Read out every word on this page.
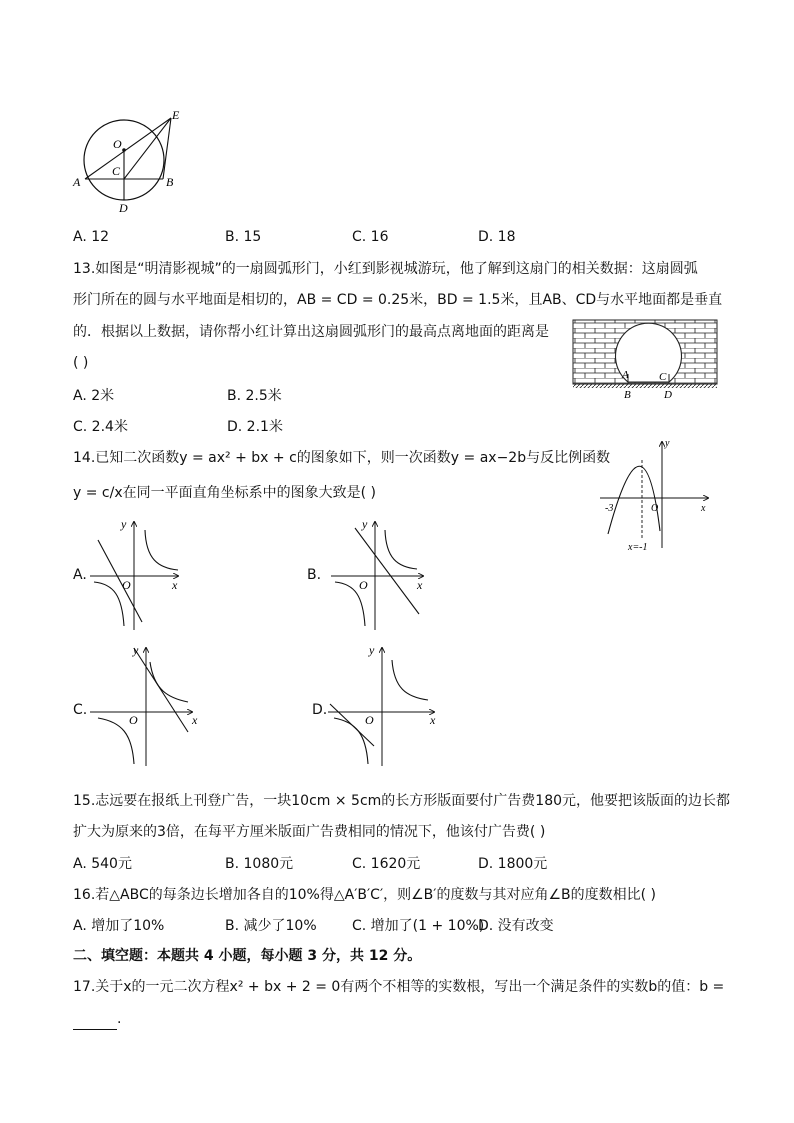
E
O
C
A	B
D
A. 12	B. 15	C. 16	D. 18
13.如图是“明清影视城”的一扇圆弧形门，小红到影视城游玩，他了解到这扇门的相关数据：这扇圆弧
形门所在的圆与水平地面是相切的，AB = CD = 0.25米，BD = 1.5米，且AB、CD与水平地面都是垂直
的．根据以上数据，请你帮小红计算出这扇圆弧形门的最高点离地面的距离是
( )
A	C
B	D
A. 2米	B. 2.5米
C. 2.4米	D. 2.1米
14.已知二次函数y = ax² + bx + c的图象如下，则一次函数y = ax−2b与反比例函数
y = c/x在同一平面直角坐标系中的图象大致是( )
y
x
O
-3
x=-1
A.
y
x
O
B.
y
x
O
C.
y
x
O
D.
y
x
O
15.志远要在报纸上刊登广告，一块10cm × 5cm的长方形版面要付广告费180元，他要把该版面的边长都
扩大为原来的3倍，在每平方厘米版面广告费相同的情况下，他该付广告费( )
A. 540元	B. 1080元	C. 1620元	D. 1800元
16.若△ABC的每条边长增加各自的10%得△A′B′C′，则∠B′的度数与其对应角∠B的度数相比( )
A. 增加了10%	B. 减少了10%	C. 增加了(1 + 10%)
D. 没有改变
二、填空题：本题共 4 小题，每小题 3 分，共 12 分。
17.关于x的一元二次方程x² + bx + 2 = 0有两个不相等的实数根，写出一个满足条件的实数b的值：b =
.
